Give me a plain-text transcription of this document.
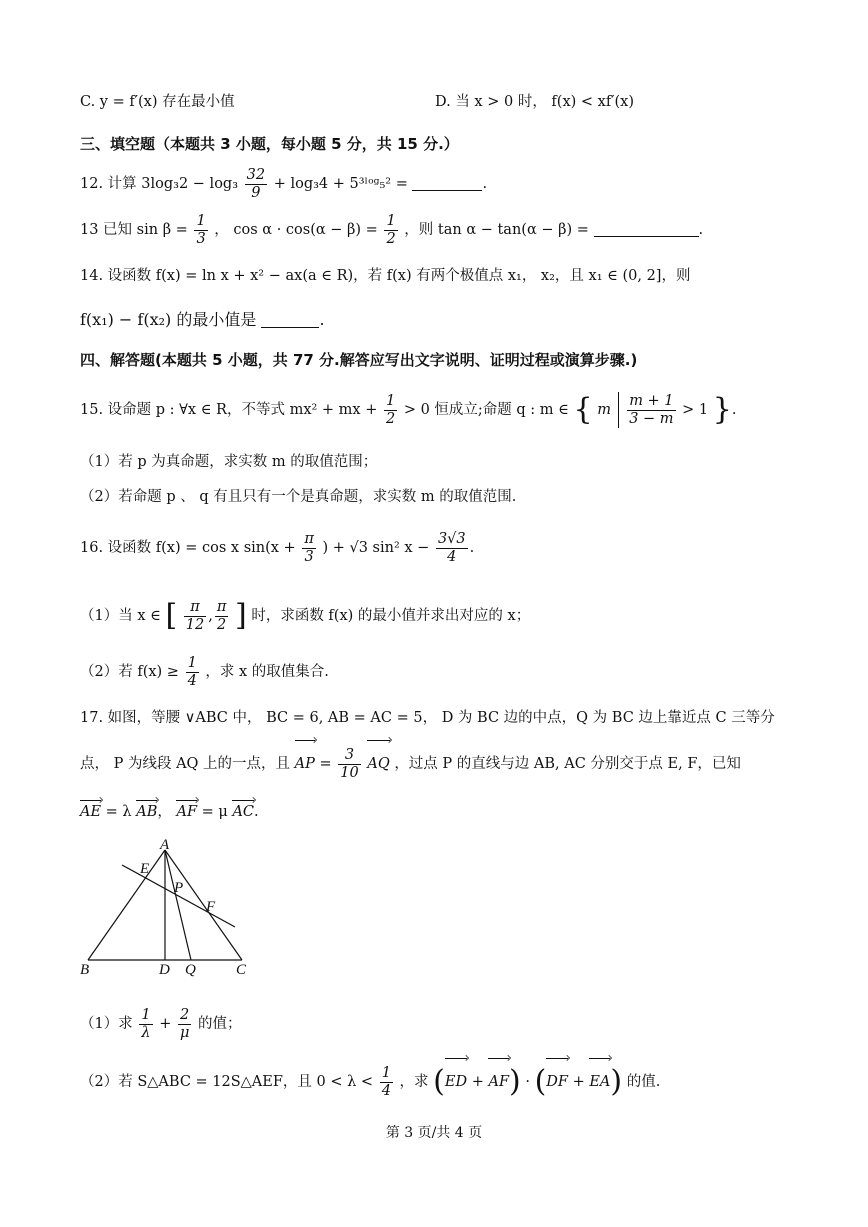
C. y = f′(x) 存在最小值	D. 当 x > 0 时， f(x) < xf′(x)
三、填空题（本题共 3 小题，每小题 5 分，共 15 分.）
12. 计算 $3\log_32 - \log_3 \frac{32}{9} + \log_34$ + 5³ˡᵒᵍ₅² =	.
13 已知 $\sin \beta = \frac{1}{3}$ ， $\cos \alpha \cdot \cos(\alpha - \beta) = \frac{1}{2}$ ，则 tan α − tan(α − β) =	.
14. 设函数 f(x) = ln x + x² − ax(a ∈ R)，若 f(x) 有两个极值点 x₁， x₂，且 x₁ ∈ (0, 2]，则
f(x₁) − f(x₂) 的最小值是	.
四、解答题(本题共 5 小题，共 77 分.解答应写出文字说明、证明过程或演算步骤.)
15. 设命题 p : ∀x ∈ R，不等式 mx² + mx + $\frac{1}{2} > 0$ 恒成立;命题 q : m ∈ { m $\frac{m + 1}{3 - m} > 1$ }.
（1）若 p 为真命题，求实数 m 的取值范围；
（2）若命题 p 、 q 有且只有一个是真命题，求实数 m 的取值范围.
16. 设函数 f(x) = cos x $\sin(x + \frac{\pi}{3}$ ) + √3 sin² $x - \frac{3√3}{4}$ .
（1）当 x ∈ [ $\frac{\pi}{12}$ , $\frac{\pi}{2}$ ] 时，求函数 f(x) 的最小值并求出对应的 x；
（2）若 $f(x) \ge \frac{1}{4}$ ，求 x 的取值集合.
17. 如图，等腰 ∨ABC 中， BC = 6, AB = AC = 5， D 为 BC 边的中点，Q 为 BC 边上靠近点 C 三等分
点， P 为线段 AQ 上的一点，且 AP = $\frac{3}{10}$ AQ ，过点 P 的直线与边 AB, AC 分别交于点 E, F，已知
AE = λ AB， AF = μ AC.
A
B	C
D Q
E
P
F
（1）求 $\frac{1}{\lambda} + \frac{2}{\mu}$ 的值；
（2）若 S△ABC = 12S△AEF，且 $0 < \lambda < \frac{1}{4}$ ，求 (ED + AF) · (DF + EA) 的值.
第 3 页/共 4 页
